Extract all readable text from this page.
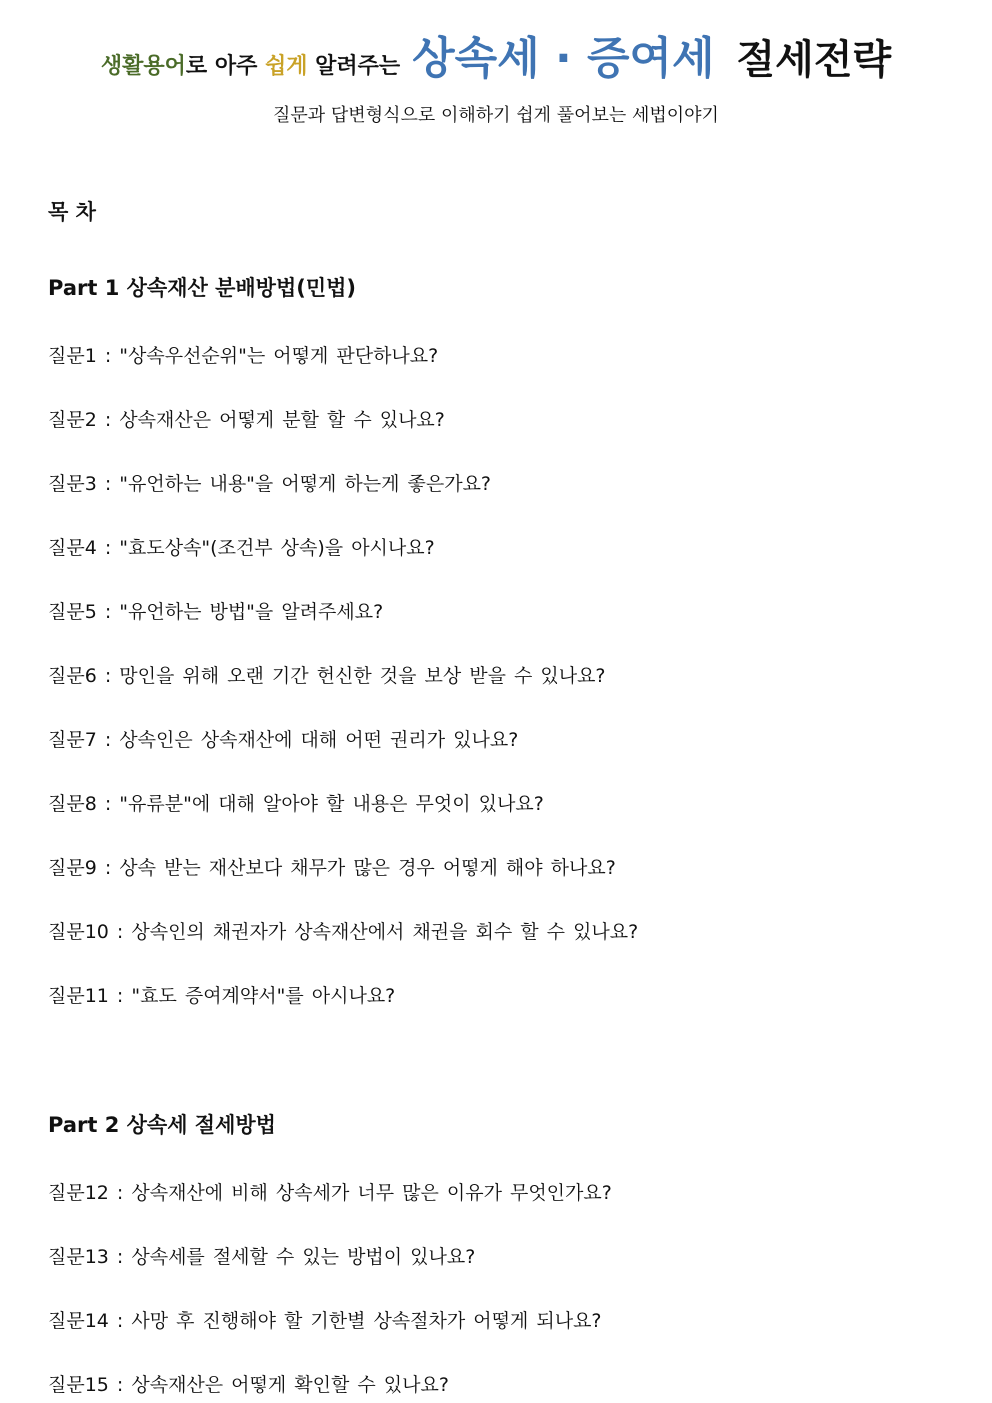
생활용어 로 아주 쉽게 알려주는 상속세 · 증여세 절세전략
질문과 답변형식으로 이해하기 쉽게 풀어보는 세법이야기
목 차
Part 1 상속재산 분배방법(민법)
질문1 : "상속우선순위"는 어떻게 판단하나요?
질문2 : 상속재산은 어떻게 분할 할 수 있나요?
질문3 : "유언하는 내용"을 어떻게 하는게 좋은가요?
질문4 : "효도상속"(조건부 상속)을 아시나요?
질문5 : "유언하는 방법"을 알려주세요?
질문6 : 망인을 위해 오랜 기간 헌신한 것을 보상 받을 수 있나요?
질문7 : 상속인은 상속재산에 대해 어떤 권리가 있나요?
질문8 : "유류분"에 대해 알아야 할 내용은 무엇이 있나요?
질문9 : 상속 받는 재산보다 채무가 많은 경우 어떻게 해야 하나요?
질문10 : 상속인의 채권자가 상속재산에서 채권을 회수 할 수 있나요?
질문11 : "효도 증여계약서"를 아시나요?
Part 2 상속세 절세방법
질문12 : 상속재산에 비해 상속세가 너무 많은 이유가 무엇인가요?
질문13 : 상속세를 절세할 수 있는 방법이 있나요?
질문14 : 사망 후 진행해야 할 기한별 상속절차가 어떻게 되나요?
질문15 : 상속재산은 어떻게 확인할 수 있나요?
